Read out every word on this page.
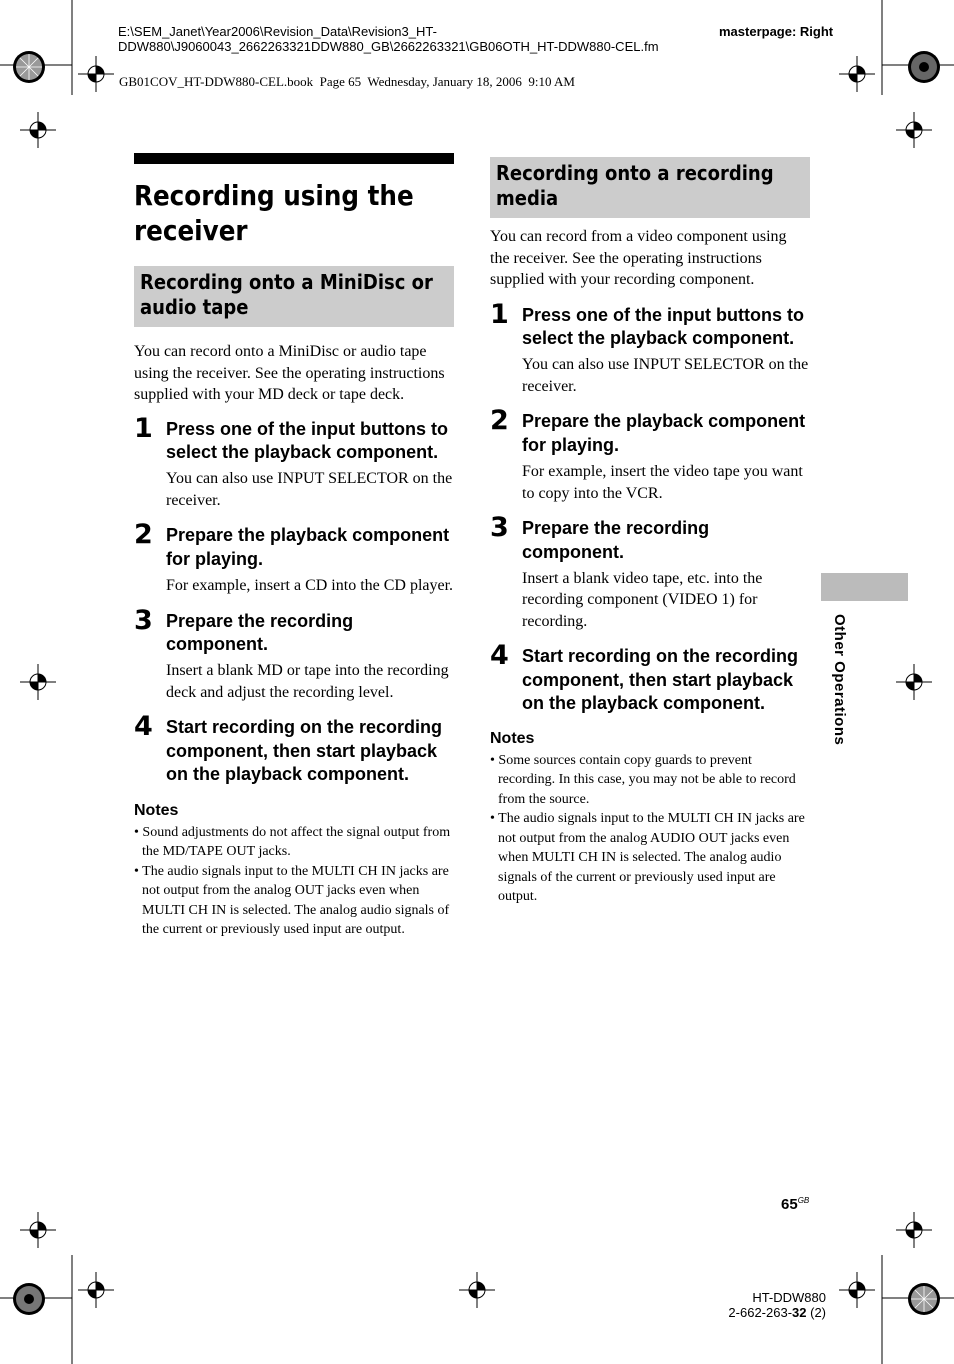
E:\SEM_Janet\Year2006\Revision_Data\Revision3_HT-
DDW880\J9060043_2662263321DDW880_GB\2662263321\GB06OTH_HT-DDW880-CEL.fm
masterpage: Right
GB01COV_HT-DDW880-CEL.book  Page 65  Wednesday, January 18, 2006  9:10 AM
Recording using the receiver
Recording onto a MiniDisc or audio tape

You can record onto a MiniDisc or audio tape using the receiver. See the operating instructions supplied with your MD deck or tape deck.

1 Press one of the input buttons to select the playback component.
You can also use INPUT SELECTOR on the receiver.
2 Prepare the playback component for playing.
For example, insert a CD into the CD player.
3 Prepare the recording component.
Insert a blank MD or tape into the recording deck and adjust the recording level.
4 Start recording on the recording component, then start playback on the playback component.
Notes
• Sound adjustments do not affect the signal output from the MD/TAPE OUT jacks.
• The audio signals input to the MULTI CH IN jacks are not output from the analog OUT jacks even when MULTI CH IN is selected. The analog audio signals of the current or previously used input are output.
Recording onto a recording media

You can record from a video component using the receiver. See the operating instructions supplied with your recording component.

1 Press one of the input buttons to select the playback component.
You can also use INPUT SELECTOR on the receiver.
2 Prepare the playback component for playing.
For example, insert the video tape you want to copy into the VCR.
3 Prepare the recording component.
Insert a blank video tape, etc. into the recording component (VIDEO 1) for recording.
4 Start recording on the recording component, then start playback on the playback component.
Notes
• Some sources contain copy guards to prevent recording. In this case, you may not be able to record from the source.
• The audio signals input to the MULTI CH IN jacks are not output from the analog AUDIO OUT jacks even when MULTI CH IN is selected. The analog audio signals of the current or previously used input are output.
Other Operations
$65^{GB}$
HT-DDW880
2-662-263-32 (2)
